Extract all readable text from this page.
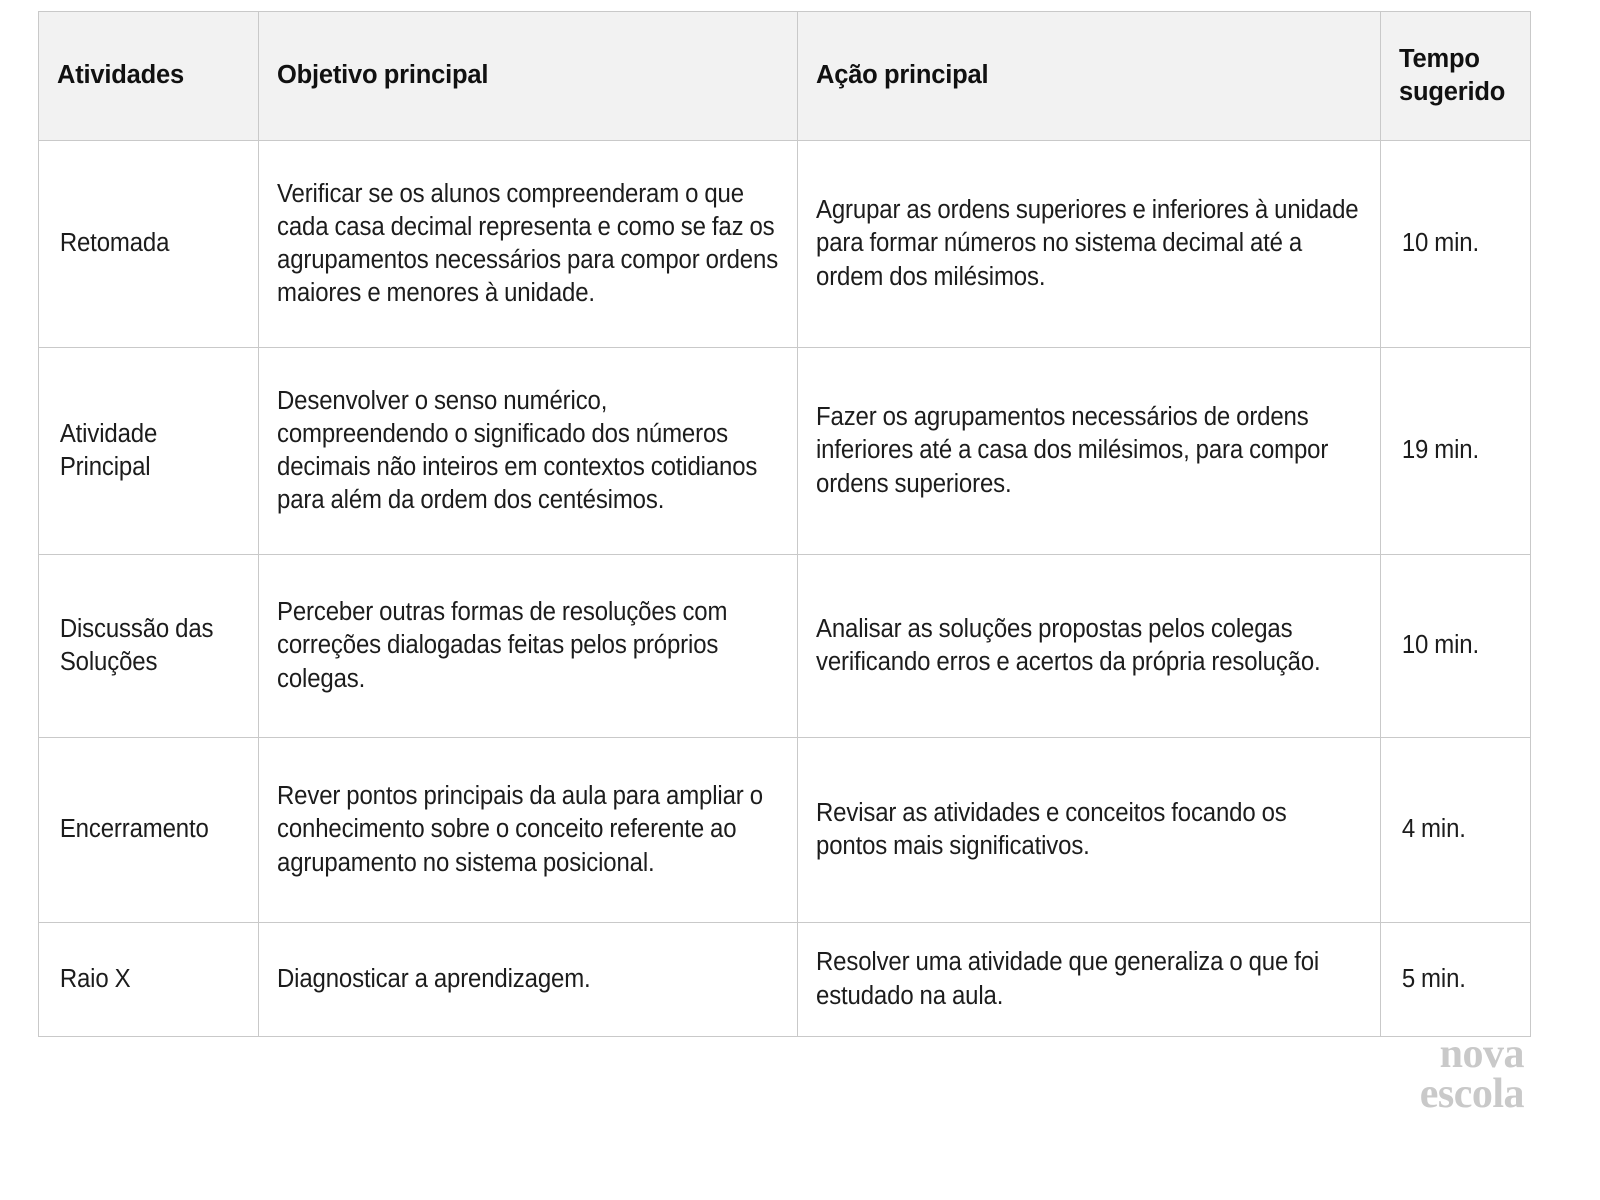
Atividades	Objetivo principal	Ação principal	Tempo
sugerido

Retomada	Verificar se os alunos compreenderam o que cada casa decimal representa e como se faz os agrupamentos necessários para compor ordens maiores e menores à unidade.	Agrupar as ordens superiores e inferiores à unidade para formar números no sistema decimal até a ordem dos milésimos.	10 min.

Atividade Principal	Desenvolver o senso numérico, compreendendo o significado dos números decimais não inteiros em contextos cotidianos para além da ordem dos centésimos.	Fazer os agrupamentos necessários de ordens inferiores até a casa dos milésimos, para compor ordens superiores.	19 min.

Discussão das Soluções	Perceber outras formas de resoluções com correções dialogadas feitas pelos próprios colegas.	Analisar as soluções propostas pelos colegas verificando erros e acertos da própria resolução.	10 min.

Encerramento	Rever pontos principais da aula para ampliar o conhecimento sobre o conceito referente ao agrupamento no sistema posicional.	Revisar as atividades e conceitos focando os pontos mais significativos.	4 min.

Raio X	Diagnosticar a aprendizagem.	Resolver uma atividade que generaliza o que foi estudado na aula.	5 min.
nova
escola
